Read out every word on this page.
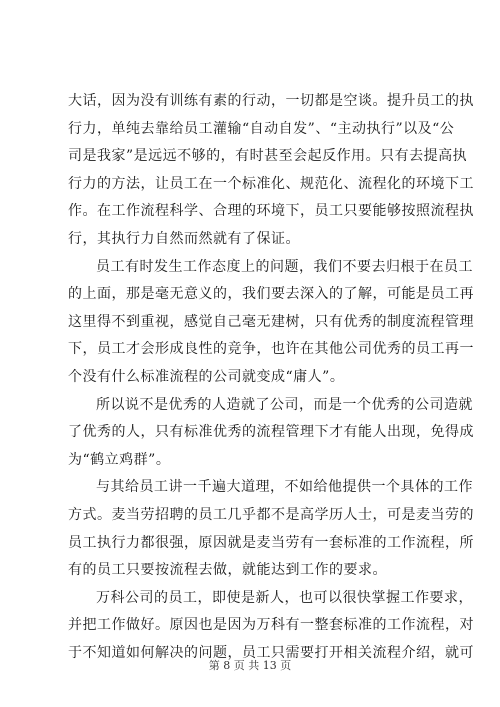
大话，因为没有训练有素的行动，一切都是空谈。提升员工的执
行力，单纯去靠给员工灌输“自动自发”、“主动执行”以及“公
司是我家”是远远不够的，有时甚至会起反作用。只有去提高执
行力的方法，让员工在一个标准化、规范化、流程化的环境下工
作。在工作流程科学、合理的环境下，员工只要能够按照流程执
行，其执行力自然而然就有了保证。
员工有时发生工作态度上的问题，我们不要去归根于在员工
的上面，那是毫无意义的，我们要去深入的了解，可能是员工再
这里得不到重视，感觉自己毫无建树，只有优秀的制度流程管理
下，员工才会形成良性的竞争，也许在其他公司优秀的员工再一
个没有什么标准流程的公司就变成“庸人”。
所以说不是优秀的人造就了公司，而是一个优秀的公司造就
了优秀的人，只有标准优秀的流程管理下才有能人出现，免得成
为“鹤立鸡群”。
与其给员工讲一千遍大道理，不如给他提供一个具体的工作
方式。麦当劳招聘的员工几乎都不是高学历人士，可是麦当劳的
员工执行力都很强，原因就是麦当劳有一套标准的工作流程，所
有的员工只要按流程去做，就能达到工作的要求。
万科公司的员工，即使是新人，也可以很快掌握工作要求，
并把工作做好。原因也是因为万科有一整套标准的工作流程，对
于不知道如何解决的问题，员工只需要打开相关流程介绍，就可
第 8 页 共 13 页
